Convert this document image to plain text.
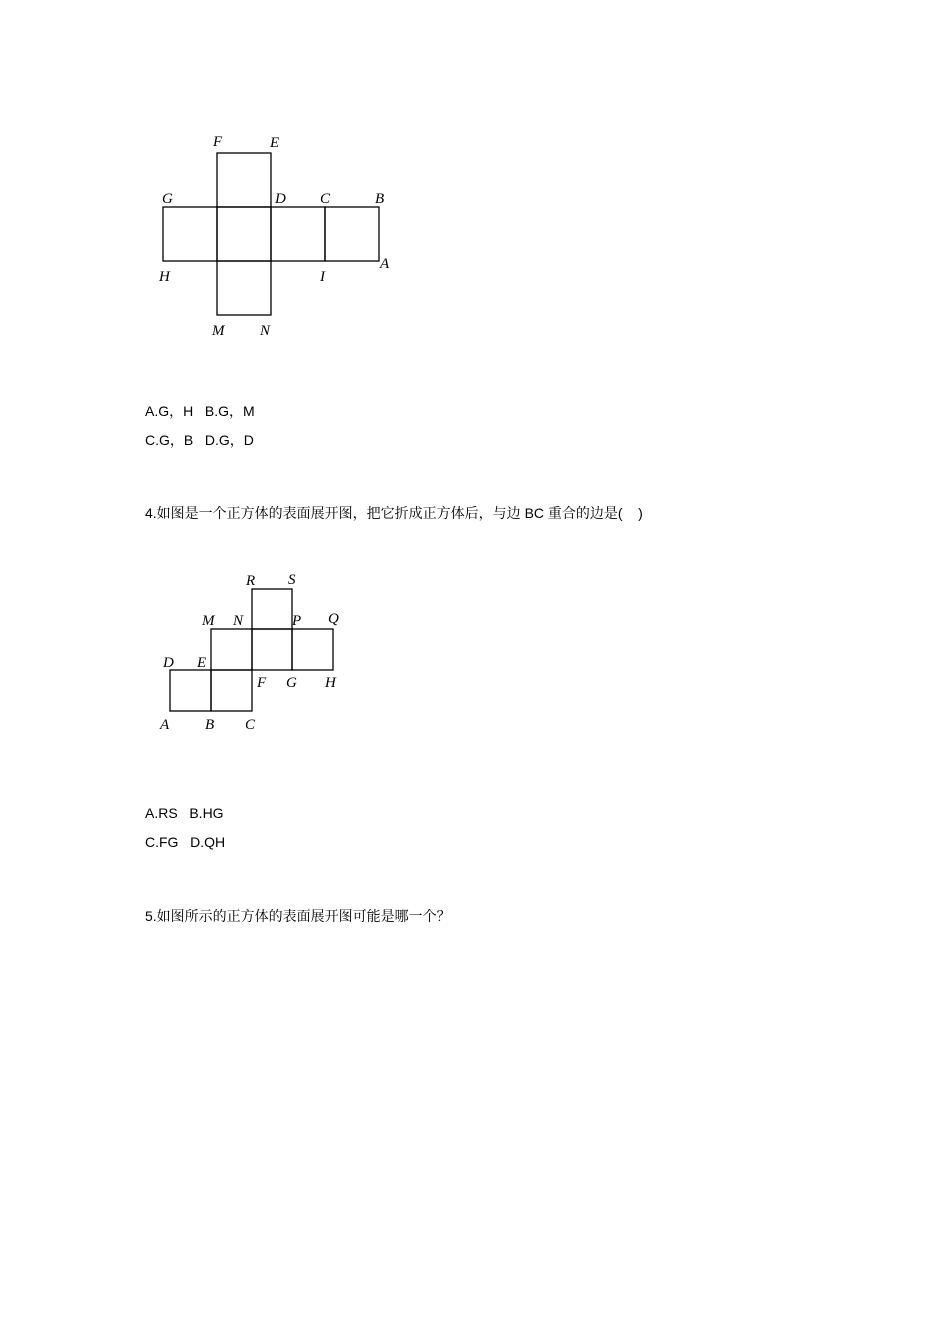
F	E
G	D C	B
H	I
A
M N
A.G，H   B.G，M
C.G，B   D.G，D
4.如图是一个正方体的表面展开图，把它折成正方体后，与边 BC 重合的边是(    )
R S
M N	P Q
D E
F G H
A B C
A.RS   B.HG
C.FG   D.QH
5.如图所示的正方体的表面展开图可能是哪一个？
